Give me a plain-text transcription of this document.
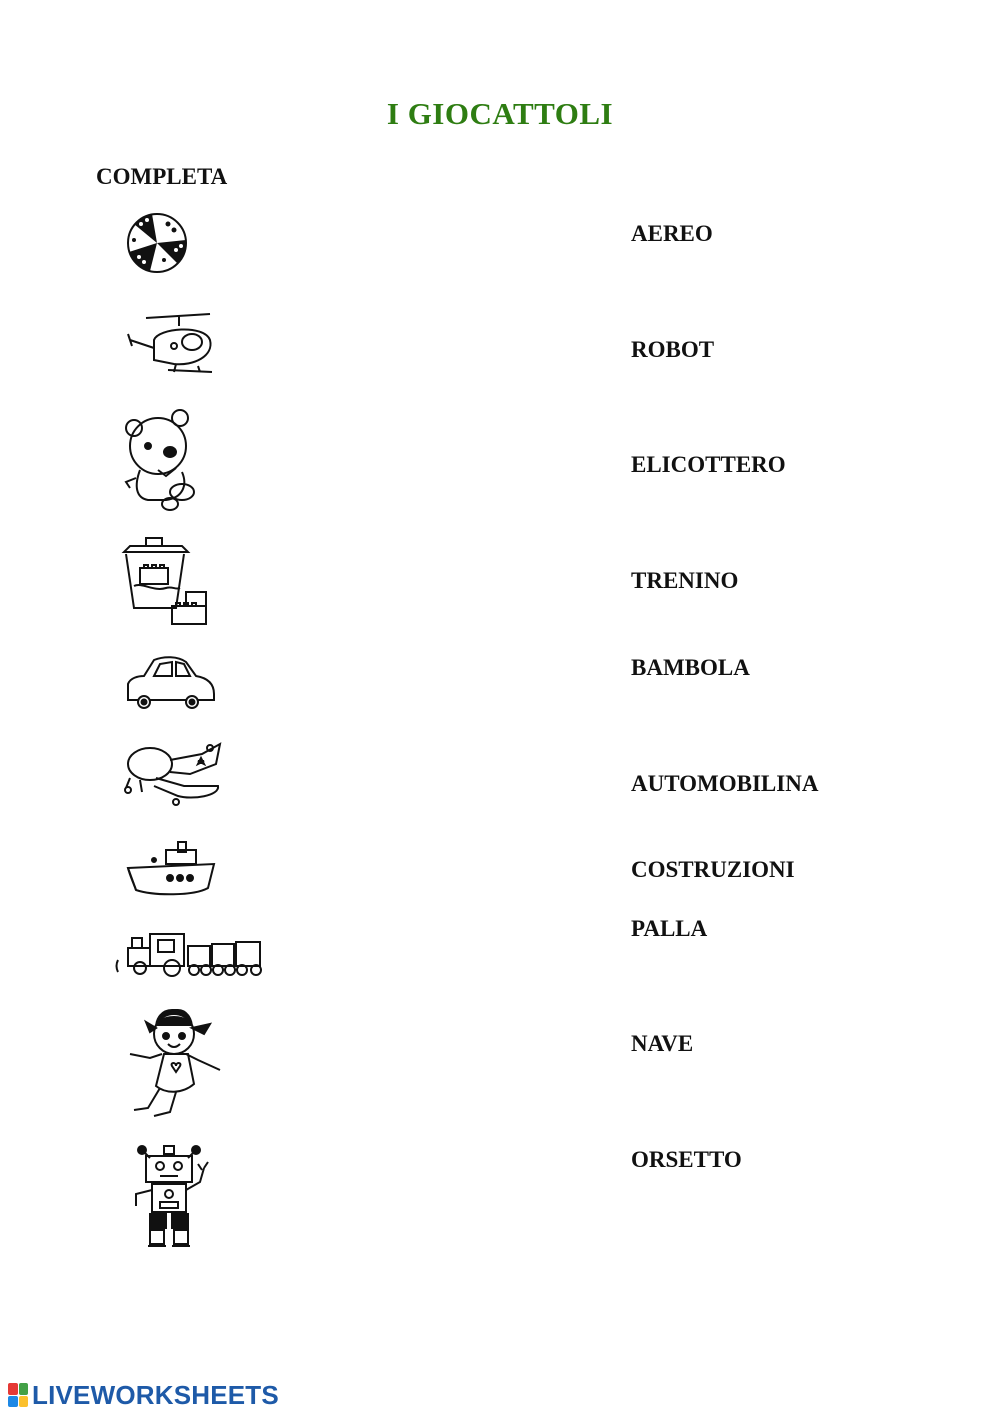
I GIOCATTOLI
COMPLETA
AEREO
ROBOT
ELICOTTERO
TRENINO
BAMBOLA
AUTOMOBILINA
COSTRUZIONI
PALLA
NAVE
ORSETTO
LIVEWORKSHEETS
